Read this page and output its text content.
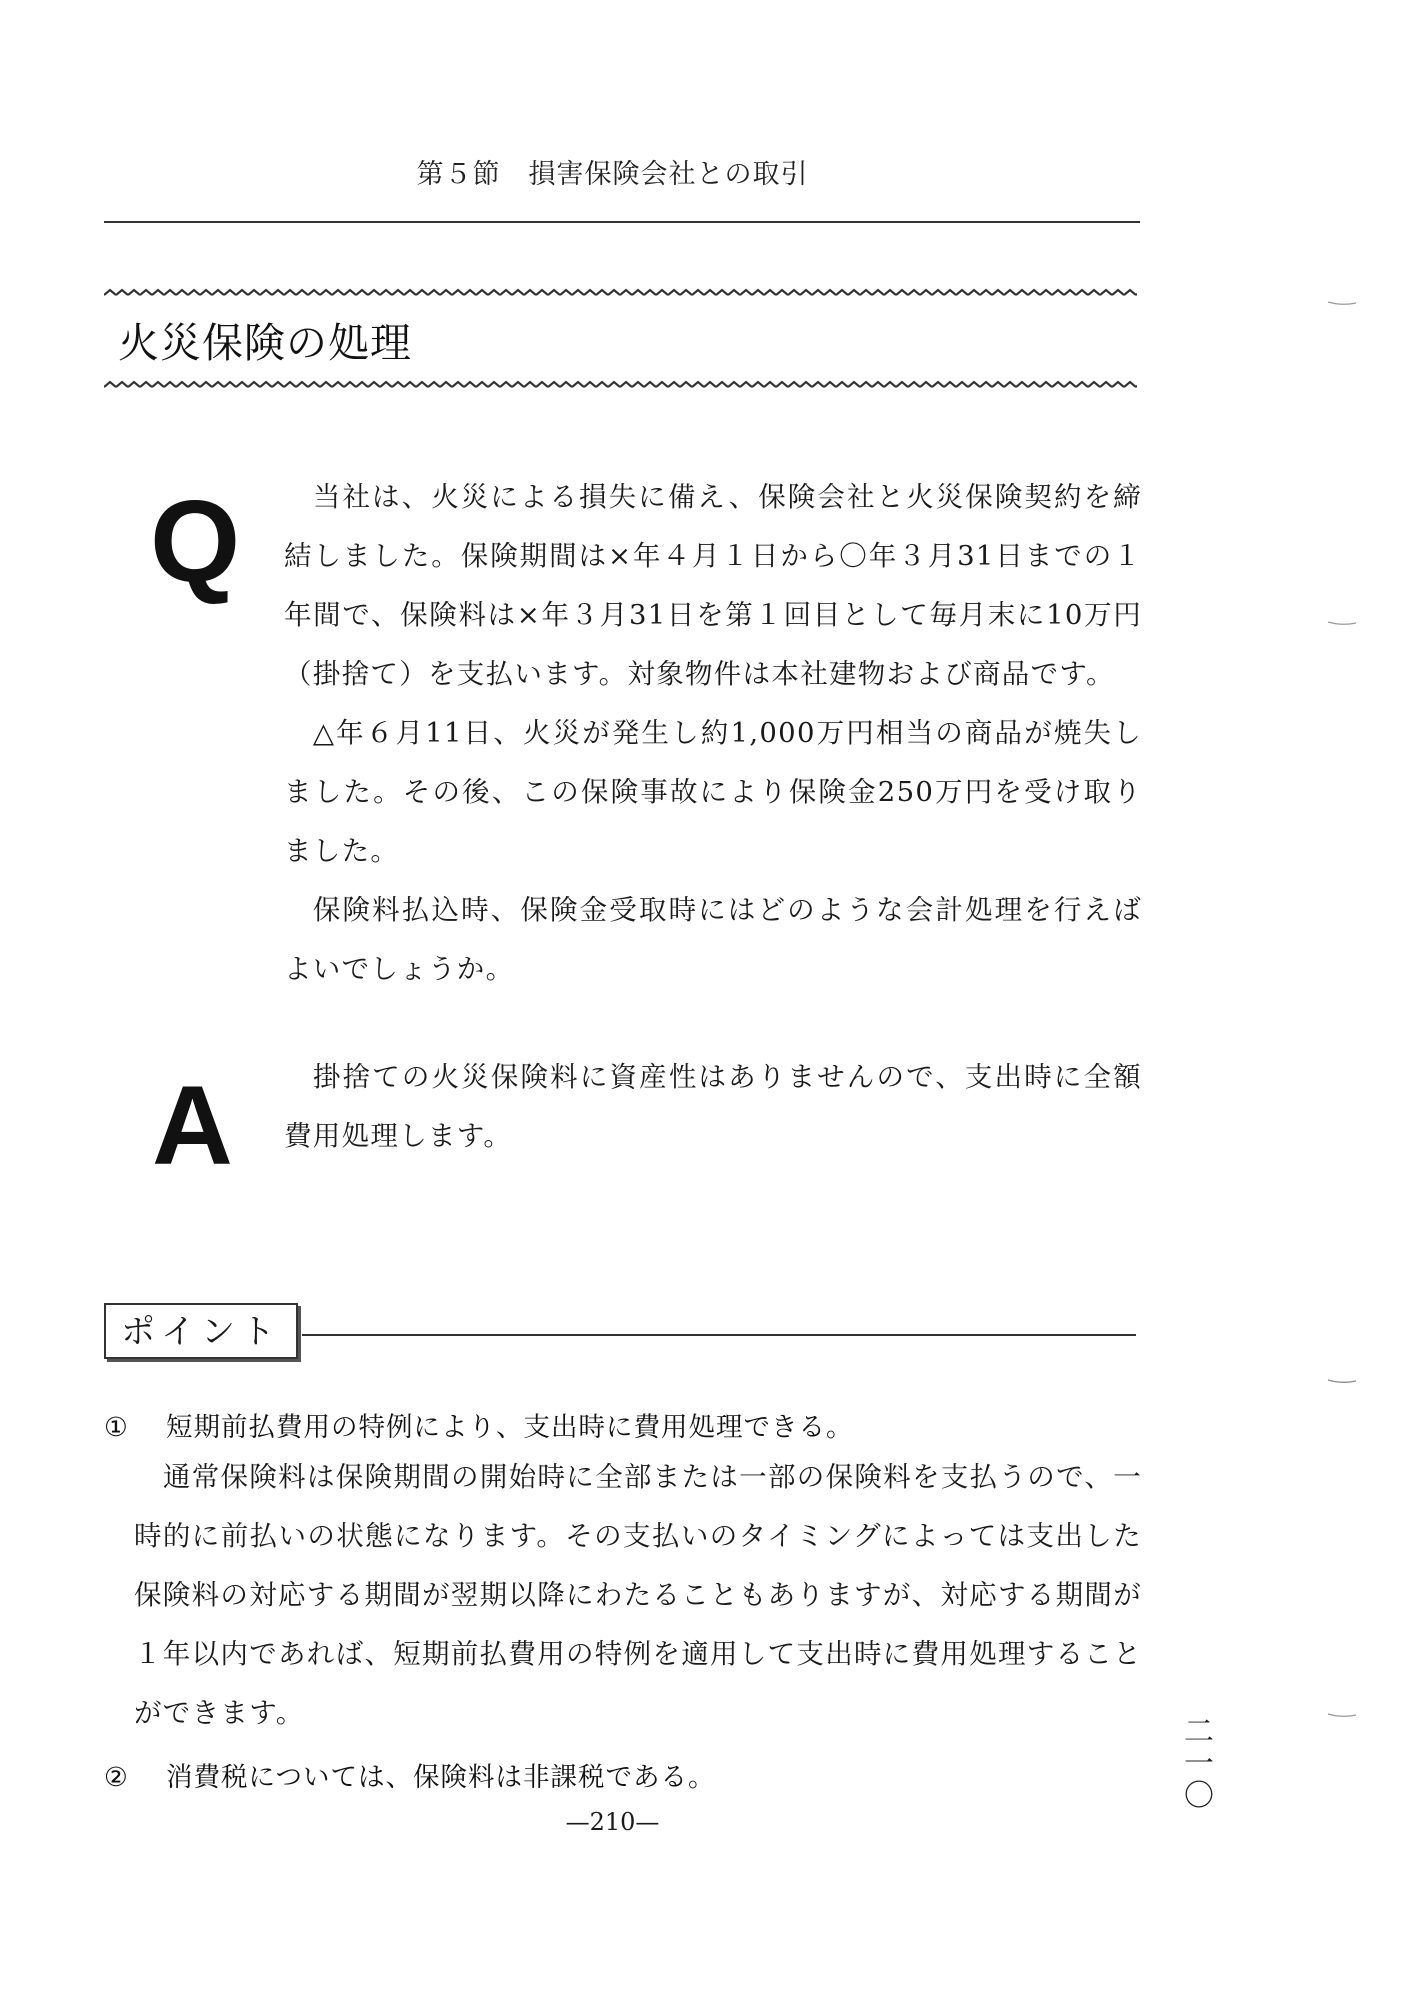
第５節　損害保険会社との取引
火災保険の処理
Q	当社は、火災による損失に備え、保険会社と火災保険契約を締結しました。保険期間は×年４月１日から〇年３月31日までの１年間で、保険料は×年３月31日を第１回目として毎月末に10万円（掛捨て）を支払います。対象物件は本社建物および商品です。

△年６月11日、火災が発生し約1,000万円相当の商品が焼失しました。その後、この保険事故により保険金250万円を受け取りました。

保険料払込時、保険金受取時にはどのような会計処理を行えばよいでしょうか。

A	掛捨ての火災保険料に資産性はありませんので、支出時に全額費用処理します。

ポイント
① 短期前払費用の特例により、支出時に費用処理できる。

通常保険料は保険期間の開始時に全部または一部の保険料を支払うので、一時的に前払いの状態になります。その支払いのタイミングによっては支出した保険料の対応する期間が翌期以降にわたることもありますが、対応する期間が１年以内であれば、短期前払費用の特例を適用して支出時に費用処理することができます。

② 消費税については、保険料は非課税である。
—210—
二一〇
